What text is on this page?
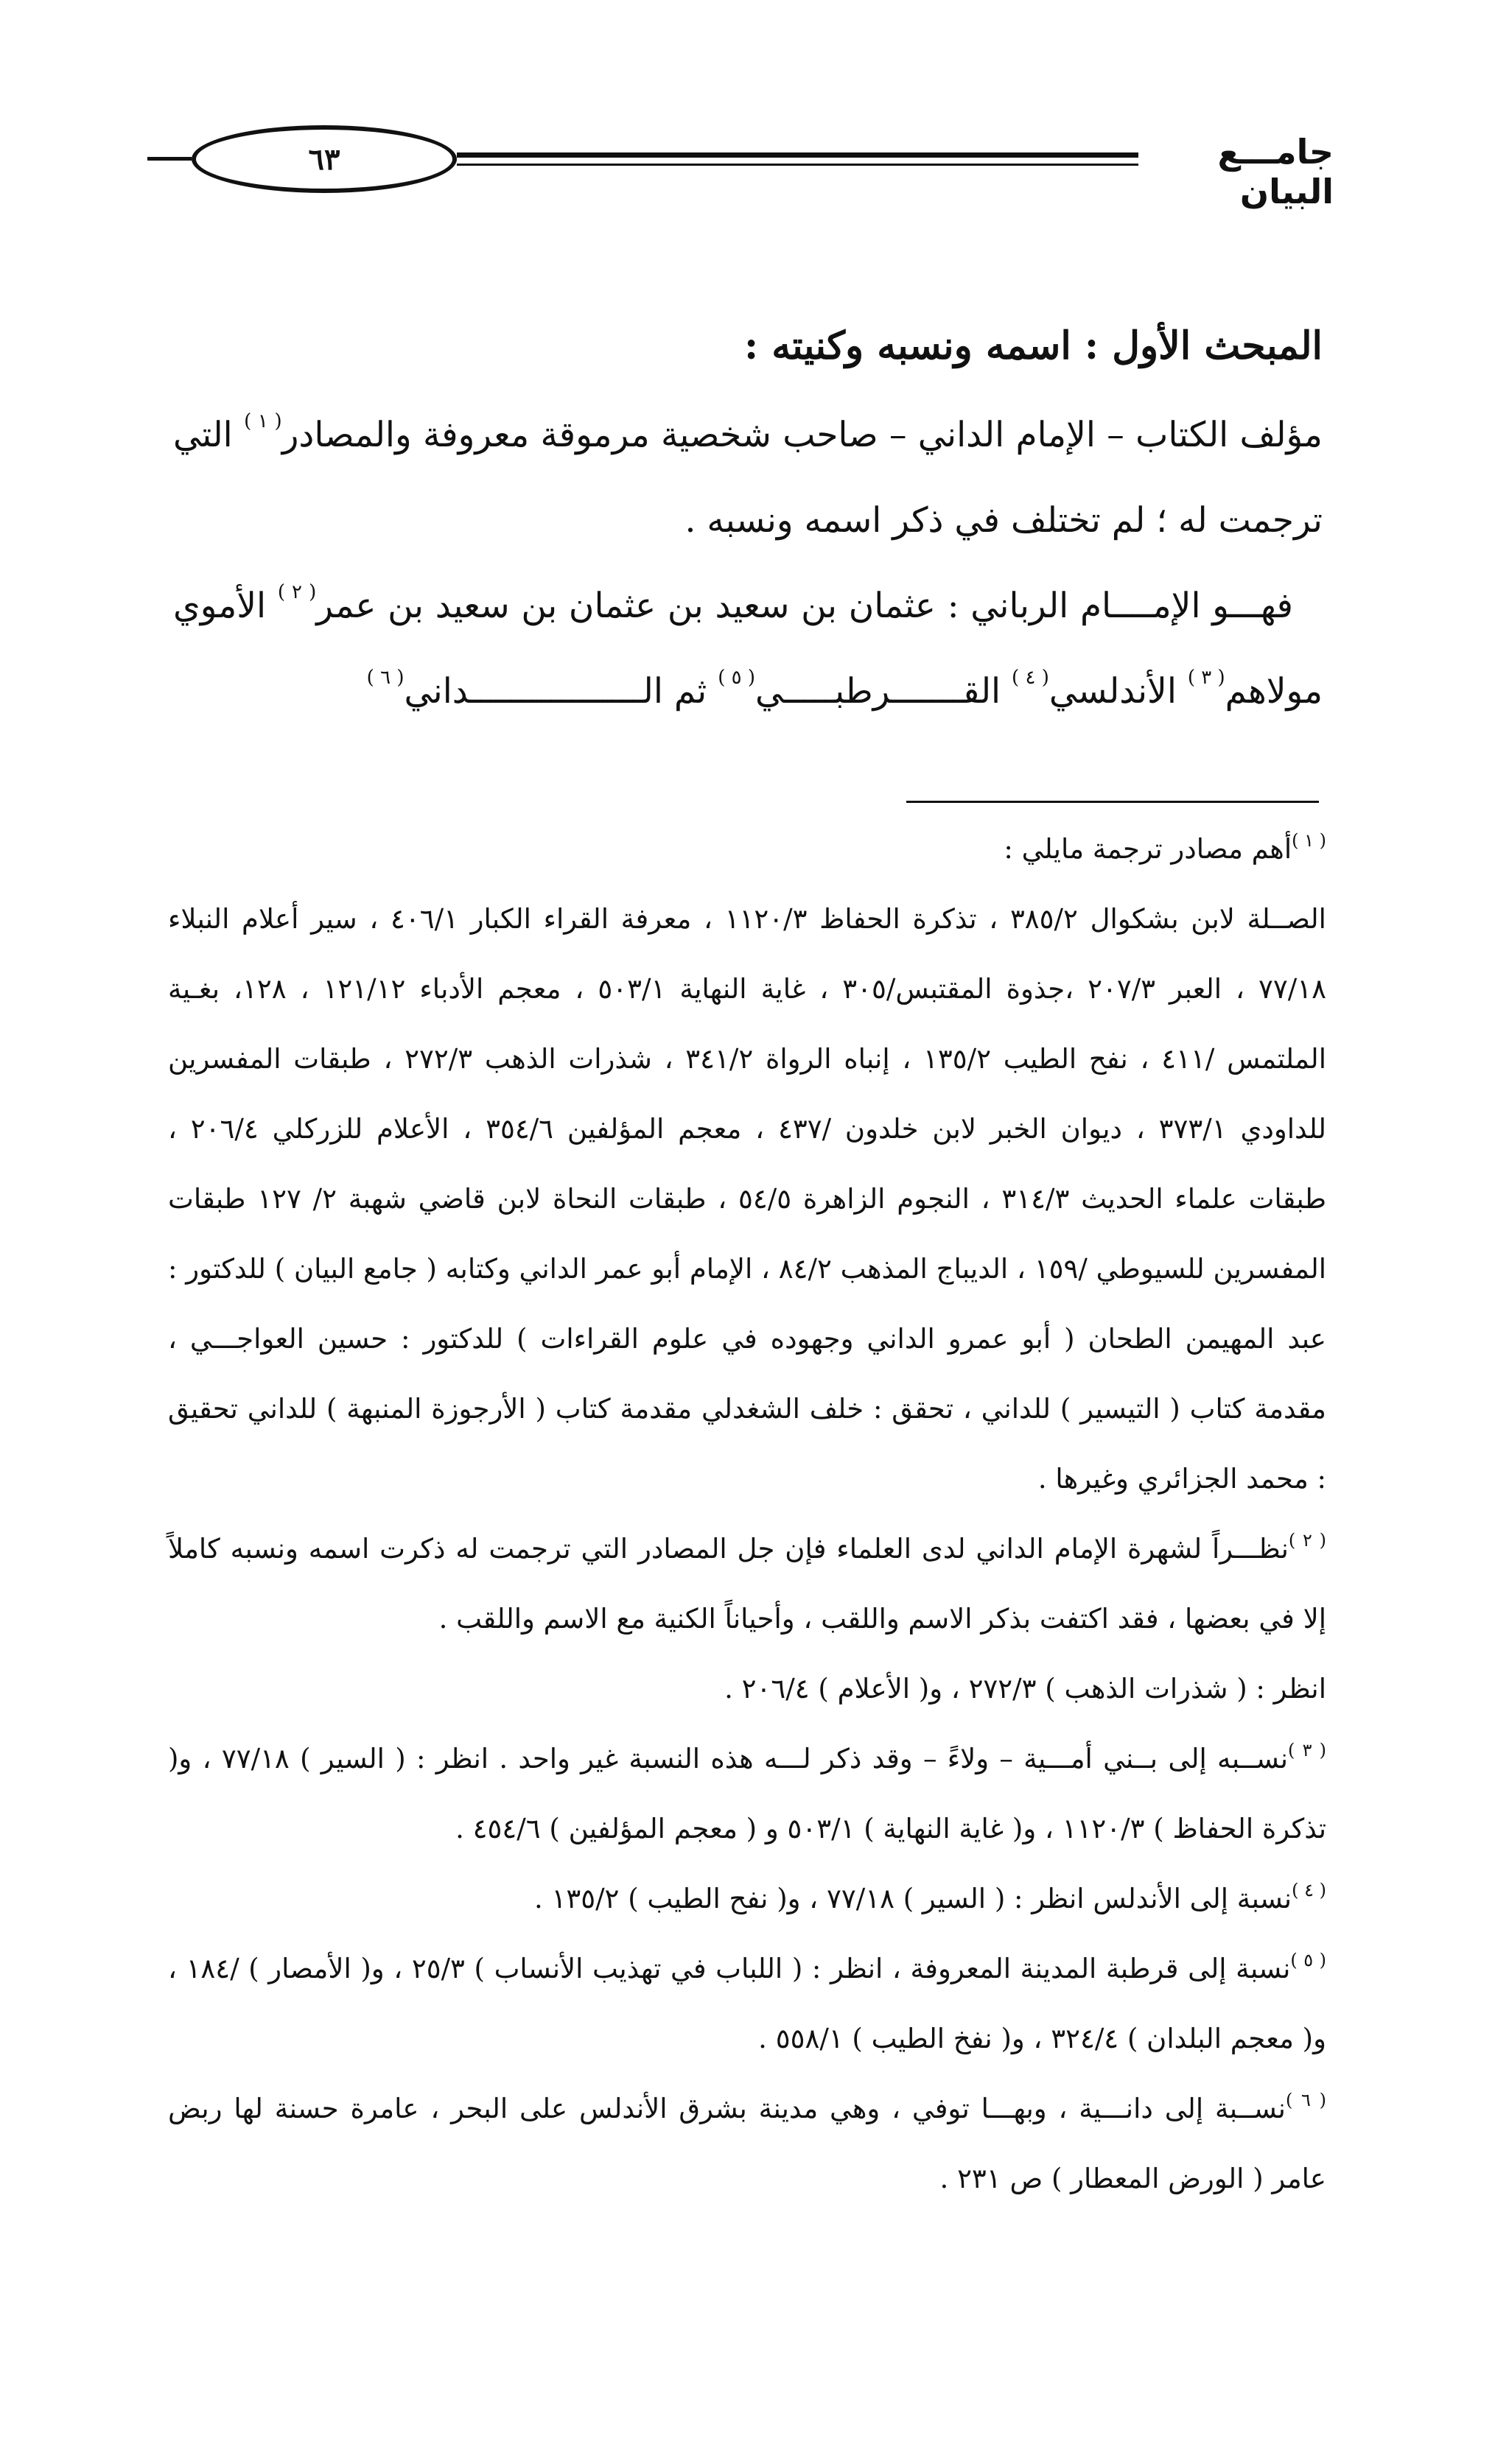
٦٣	جامـــع البيان
المبحث الأول : اسمه ونسبه وكنيته :

مؤلف الكتاب – الإمام الداني – صاحب شخصية مرموقة معروفة والمصادر$^{( ١ )}$ التي ترجمت له ؛ لم تختلف في ذكر اسمه ونسبه .

فهـــو الإمــــام الرباني : عثمان بن سعيد بن عثمان بن سعيد بن عمر$^{( ٢ )}$ الأموي مولاهم$^{( ٣ )}$ الأندلسي$^{( ٤ )}$ القـــــــرطبـــــي$^{( ٥ )}$ ثم الـــــــــــــــــداني$^{( ٦ )}$

$^{( ١ )}$أهم مصادر ترجمة مايلي :

الصــلة لابن بشكوال ٣٨٥/٢ ، تذكرة الحفاظ ١١٢٠/٣ ، معرفة القراء الكبار ٤٠٦/١ ، سير أعلام النبلاء ٧٧/١٨ ، العبر ٢٠٧/٣ ،جذوة المقتبس/٣٠٥ ، غاية النهاية ٥٠٣/١ ، معجم الأدباء ١٢١/١٢ ، ١٢٨، بغـية الملتمس /٤١١ ، نفح الطيب ١٣٥/٢ ، إنباه الرواة ٣٤١/٢ ، شذرات الذهب ٢٧٢/٣ ، طبقات المفسرين للداودي ٣٧٣/١ ، ديوان الخبر لابن خلدون /٤٣٧ ، معجم المؤلفين ٣٥٤/٦ ، الأعلام للزركلي ٢٠٦/٤ ، طبقات علماء الحديث ٣١٤/٣ ، النجوم الزاهرة ٥٤/٥ ، طبقات النحاة لابن قاضي شهبة ٢/ ١٢٧ طبقات المفسرين للسيوطي /١٥٩ ، الديباج المذهب ٨٤/٢ ، الإمام أبو عمر الداني وكتابه ( جامع البيان ) للدكتور : عبد المهيمن الطحان ( أبو عمرو الداني وجهوده في علوم القراءات ) للدكتور : حسين العواجـــي ، مقدمة كتاب ( التيسير ) للداني ، تحقق : خلف الشغدلي مقدمة كتاب ( الأرجوزة المنبهة ) للداني تحقيق : محمد الجزائري وغيرها .

$^{( ٢ )}$نظـــراً لشهرة الإمام الداني لدى العلماء فإن جل المصادر التي ترجمت له ذكرت اسمه ونسبه كاملاً إلا في بعضها ، فقد اكتفت بذكر الاسم واللقب ، وأحياناً الكنية مع الاسم واللقب .

انظر : ( شذرات الذهب ) ٢٧٢/٣ ، و( الأعلام ) ٢٠٦/٤ .

$^{( ٣ )}$نســبه إلى بــني أمـــية – ولاءً – وقد ذكر لـــه هذه النسبة غير واحد . انظر : ( السير ) ٧٧/١٨ ، و( تذكرة الحفاظ ) ١١٢٠/٣ ، و( غاية النهاية ) ٥٠٣/١ و ( معجم المؤلفين ) ٤٥٤/٦ .

$^{( ٤ )}$نسبة إلى الأندلس انظر : ( السير ) ٧٧/١٨ ، و( نفح الطيب ) ١٣٥/٢ .

$^{( ٥ )}$نسبة إلى قرطبة المدينة المعروفة ، انظر : ( اللباب في تهذيب الأنساب ) ٢٥/٣ ، و( الأمصار ) /١٨٤ ، و( معجم البلدان ) ٣٢٤/٤ ، و( نفخ الطيب ) ٥٥٨/١ .

$^{( ٦ )}$نســبة إلى دانـــية ، وبهـــا توفي ، وهي مدينة بشرق الأندلس على البحر ، عامرة حسنة لها ربض عامر ( الورض المعطار ) ص ٢٣١ .
